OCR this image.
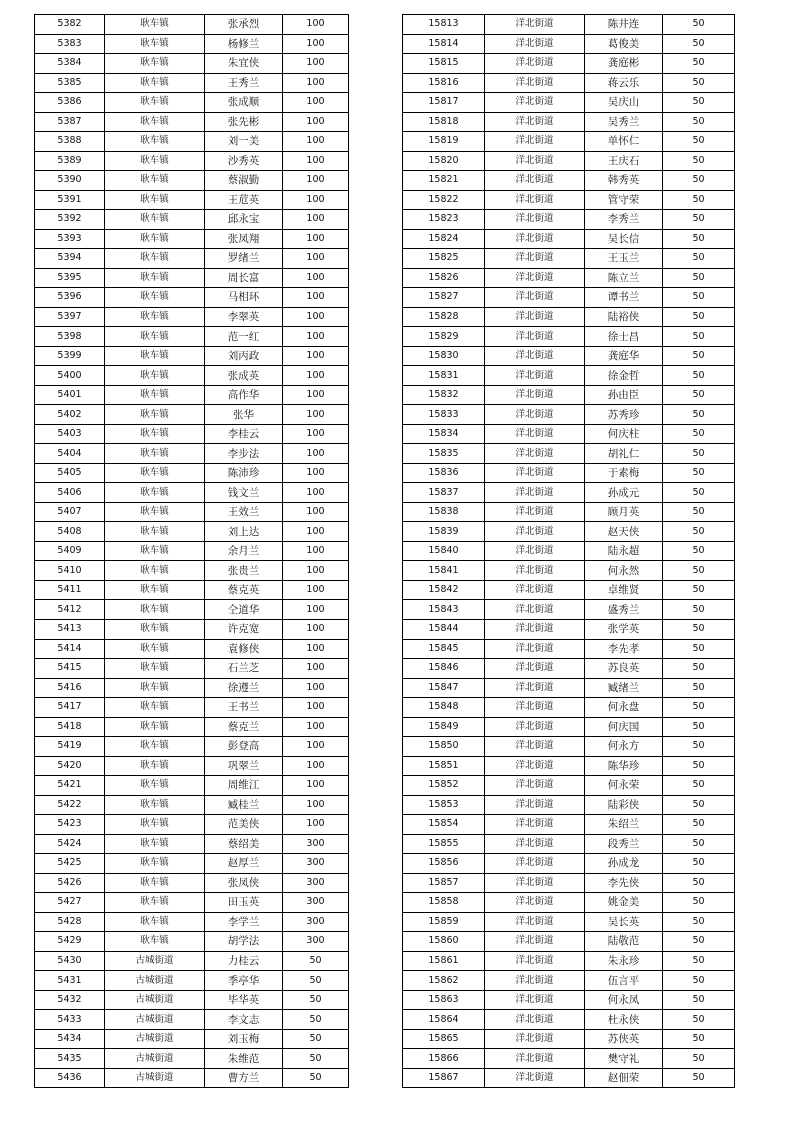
5382	耿车镇	张承烈	100
5383	耿车镇	杨修兰	100
5384	耿车镇	朱宜侠	100
5385	耿车镇	王秀兰	100
5386	耿车镇	张成顺	100
5387	耿车镇	张先彬	100
5388	耿车镇	刘一美	100
5389	耿车镇	沙秀英	100
5390	耿车镇	蔡淑勤	100
5391	耿车镇	王苊英	100
5392	耿车镇	邱永宝	100
5393	耿车镇	张凤翔	100
5394	耿车镇	罗绪兰	100
5395	耿车镇	周长富	100
5396	耿车镇	马相环	100
5397	耿车镇	李翠英	100
5398	耿车镇	范一红	100
5399	耿车镇	刘丙政	100
5400	耿车镇	张成英	100
5401	耿车镇	高作华	100
5402	耿车镇	张华	100
5403	耿车镇	李桂云	100
5404	耿车镇	李步法	100
5405	耿车镇	陈沛珍	100
5406	耿车镇	钱文兰	100
5407	耿车镇	王效兰	100
5408	耿车镇	刘上达	100
5409	耿车镇	余月兰	100
5410	耿车镇	张贵兰	100
5411	耿车镇	蔡克英	100
5412	耿车镇	仝道华	100
5413	耿车镇	许克宽	100
5414	耿车镇	袁修侠	100
5415	耿车镇	石兰芝	100
5416	耿车镇	徐遵兰	100
5417	耿车镇	王书兰	100
5418	耿车镇	蔡克兰	100
5419	耿车镇	彭登高	100
5420	耿车镇	巩翠兰	100
5421	耿车镇	周维江	100
5422	耿车镇	臧桂兰	100
5423	耿车镇	范美侠	100
5424	耿车镇	蔡绍美	300
5425	耿车镇	赵厚兰	300
5426	耿车镇	张凤侠	300
5427	耿车镇	田玉英	300
5428	耿车镇	李学兰	300
5429	耿车镇	胡学法	300
5430	古城街道	力桂云	50
5431	古城街道	季亭华	50
5432	古城街道	毕华英	50
5433	古城街道	李文志	50
5434	古城街道	刘玉梅	50
5435	古城街道	朱维范	50
5436	古城街道	曹方兰	50
15813	洋北街道	陈井连	50
15814	洋北街道	葛俊美	50
15815	洋北街道	龚庭彬	50
15816	洋北街道	蒋云乐	50
15817	洋北街道	吴庆山	50
15818	洋北街道	吴秀兰	50
15819	洋北街道	单怀仁	50
15820	洋北街道	王庆石	50
15821	洋北街道	韩秀英	50
15822	洋北街道	管守荣	50
15823	洋北街道	李秀兰	50
15824	洋北街道	吴长信	50
15825	洋北街道	王玉兰	50
15826	洋北街道	陈立兰	50
15827	洋北街道	谭书兰	50
15828	洋北街道	陆裕侠	50
15829	洋北街道	徐士昌	50
15830	洋北街道	龚庭华	50
15831	洋北街道	徐金哲	50
15832	洋北街道	孙由臣	50
15833	洋北街道	苏秀珍	50
15834	洋北街道	何庆柱	50
15835	洋北街道	胡礼仁	50
15836	洋北街道	于素梅	50
15837	洋北街道	孙成元	50
15838	洋北街道	顾月英	50
15839	洋北街道	赵天侠	50
15840	洋北街道	陆永超	50
15841	洋北街道	何永然	50
15842	洋北街道	卓维贤	50
15843	洋北街道	盛秀兰	50
15844	洋北街道	张学英	50
15845	洋北街道	李先孝	50
15846	洋北街道	苏良英	50
15847	洋北街道	臧绪兰	50
15848	洋北街道	何永盘	50
15849	洋北街道	何庆国	50
15850	洋北街道	何永方	50
15851	洋北街道	陈华珍	50
15852	洋北街道	何永荣	50
15853	洋北街道	陆彩侠	50
15854	洋北街道	朱绍兰	50
15855	洋北街道	段秀兰	50
15856	洋北街道	孙成龙	50
15857	洋北街道	李先侠	50
15858	洋北街道	姚金美	50
15859	洋北街道	吴长英	50
15860	洋北街道	陆敬范	50
15861	洋北街道	朱永珍	50
15862	洋北街道	伍言平	50
15863	洋北街道	何永凤	50
15864	洋北街道	杜永侠	50
15865	洋北街道	苏侠英	50
15866	洋北街道	樊守礼	50
15867	洋北街道	赵佃荣	50
